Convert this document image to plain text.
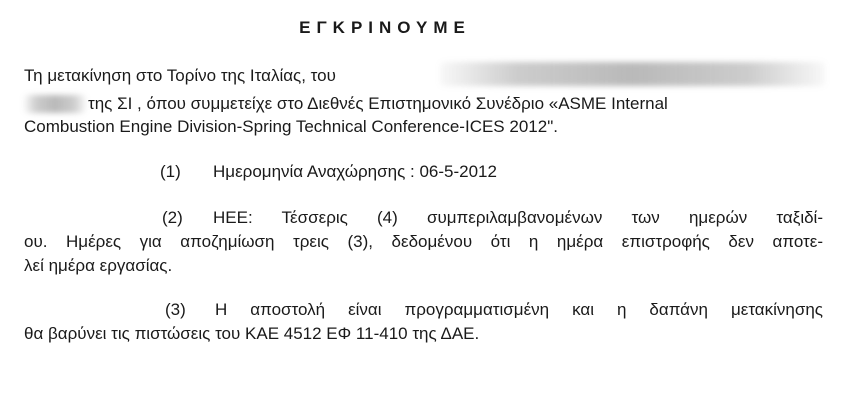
ΕΓΚΡΙΝΟΥΜΕ
Τη μετακίνηση στο Τορίνο της Ιταλίας, του
της ΣΙ , όπου συμμετείχε στο Διεθνές Επιστημονικό Συνέδριο «ASME Internal
Combustion Engine Division-Spring Technical Conference-ICES 2012".
(1) Ημερομηνία Αναχώρησης : 06-5-2012
(2) ΗΕΕ: Τέσσερις (4) συμπεριλαμβανομένων των ημερών ταξιδί-
ου. Ημέρες για αποζημίωση τρεις (3), δεδομένου ότι η ημέρα επιστροφής δεν αποτε-
λεί ημέρα εργασίας.
(3) Η αποστολή είναι προγραμματισμένη και η δαπάνη μετακίνησης
θα βαρύνει τις πιστώσεις του ΚΑΕ 4512 ΕΦ 11-410 της ΔΑΕ.
